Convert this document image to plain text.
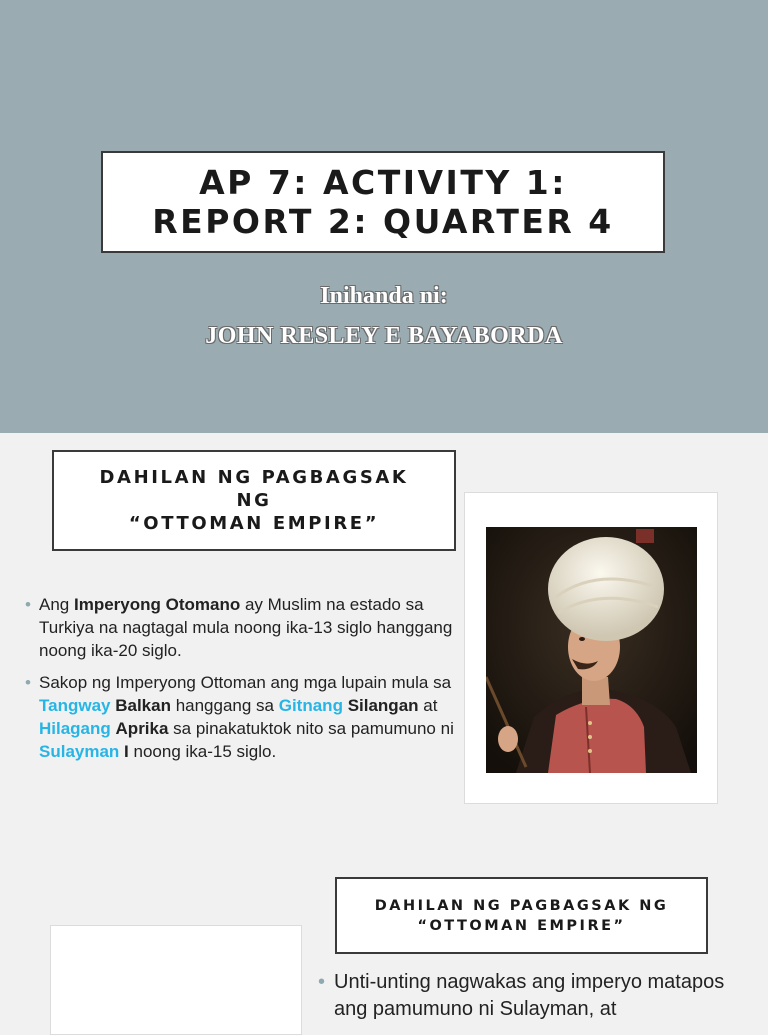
AP 7: ACTIVITY 1:
REPORT 2: QUARTER 4
Inihanda ni:
JOHN RESLEY E BAYABORDA
DAHILAN NG PAGBAGSAK
NG
“OTTOMAN EMPIRE”
• Ang Imperyong Otomano ay Muslim na estado sa Turkiya na nagtagal mula noong ika-13 siglo hanggang noong ika-20 siglo.
• Sakop ng Imperyong Ottoman ang mga lupain mula sa Tangway Balkan hanggang sa Gitnang Silangan at Hilagang Aprika sa pinakatuktok nito sa pamumuno ni Sulayman I noong ika-15 siglo.
DAHILAN NG PAGBAGSAK NG
“OTTOMAN EMPIRE”
• Unti-unting nagwakas ang imperyo matapos ang pamumuno ni Sulayman, at
